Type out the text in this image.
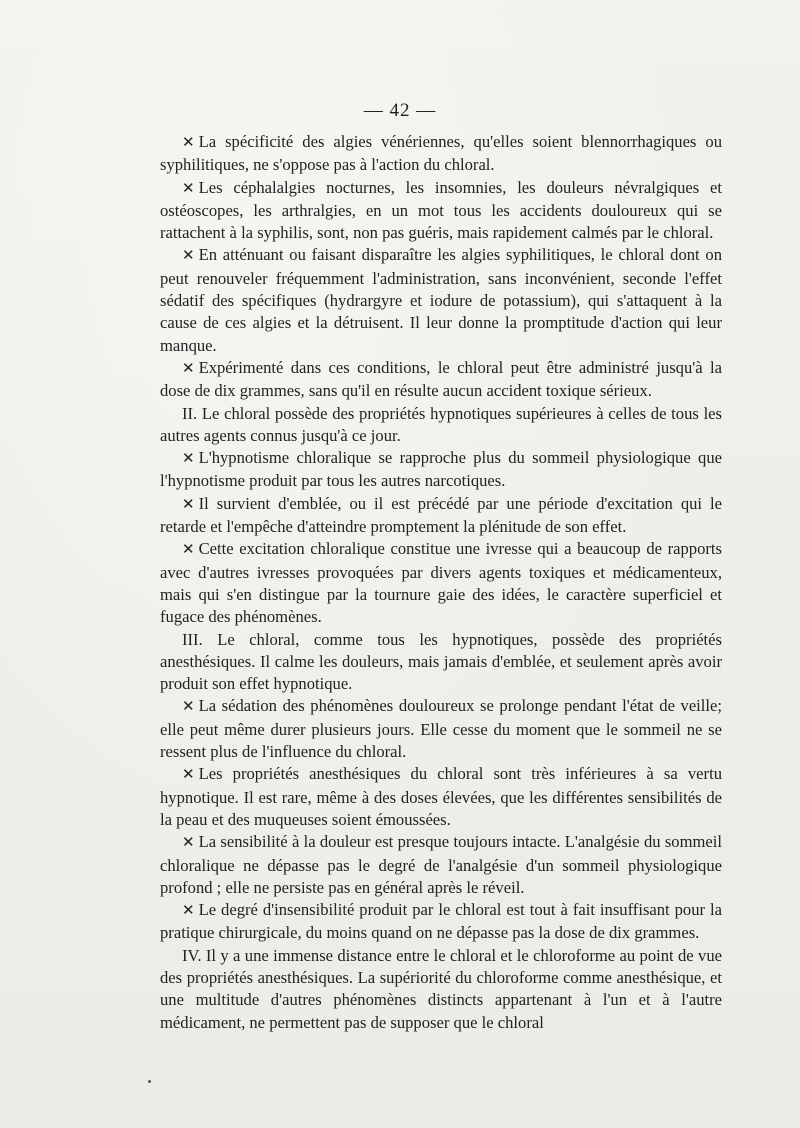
— 42 —

✕ La spécificité des algies vénériennes, qu'elles soient blennorrhagiques ou syphilitiques, ne s'oppose pas à l'action du chloral.

✕ Les céphalalgies nocturnes, les insomnies, les douleurs névralgiques et ostéoscopes, les arthralgies, en un mot tous les accidents douloureux qui se rattachent à la syphilis, sont, non pas guéris, mais rapidement calmés par le chloral.

✕ En atténuant ou faisant disparaître les algies syphilitiques, le chloral dont on peut renouveler fréquemment l'administration, sans inconvénient, seconde l'effet sédatif des spécifiques (hydrargyre et iodure de potassium), qui s'attaquent à la cause de ces algies et la détruisent. Il leur donne la promptitude d'action qui leur manque.

✕ Expérimenté dans ces conditions, le chloral peut être administré jusqu'à la dose de dix grammes, sans qu'il en résulte aucun accident toxique sérieux.

II. Le chloral possède des propriétés hypnotiques supérieures à celles de tous les autres agents connus jusqu'à ce jour.

✕ L'hypnotisme chloralique se rapproche plus du sommeil physiologique que l'hypnotisme produit par tous les autres narcotiques.

✕ Il survient d'emblée, ou il est précédé par une période d'excitation qui le retarde et l'empêche d'atteindre promptement la plénitude de son effet.

✕ Cette excitation chloralique constitue une ivresse qui a beaucoup de rapports avec d'autres ivresses provoquées par divers agents toxiques et médicamenteux, mais qui s'en distingue par la tournure gaie des idées, le caractère superficiel et fugace des phénomènes.

III. Le chloral, comme tous les hypnotiques, possède des propriétés anesthésiques. Il calme les douleurs, mais jamais d'emblée, et seulement après avoir produit son effet hypnotique.

✕ La sédation des phénomènes douloureux se prolonge pendant l'état de veille; elle peut même durer plusieurs jours. Elle cesse du moment que le sommeil ne se ressent plus de l'influence du chloral.

✕ Les propriétés anesthésiques du chloral sont très inférieures à sa vertu hypnotique. Il est rare, même à des doses élevées, que les différentes sensibilités de la peau et des muqueuses soient émoussées.

✕ La sensibilité à la douleur est presque toujours intacte. L'analgésie du sommeil chloralique ne dépasse pas le degré de l'analgésie d'un sommeil physiologique profond ; elle ne persiste pas en général après le réveil.

✕ Le degré d'insensibilité produit par le chloral est tout à fait insuffisant pour la pratique chirurgicale, du moins quand on ne dépasse pas la dose de dix grammes.

IV. Il y a une immense distance entre le chloral et le chloroforme au point de vue des propriétés anesthésiques. La supériorité du chloroforme comme anesthésique, et une multitude d'autres phénomènes distincts appartenant à l'un et à l'autre médicament, ne permettent pas de supposer que le chloral
